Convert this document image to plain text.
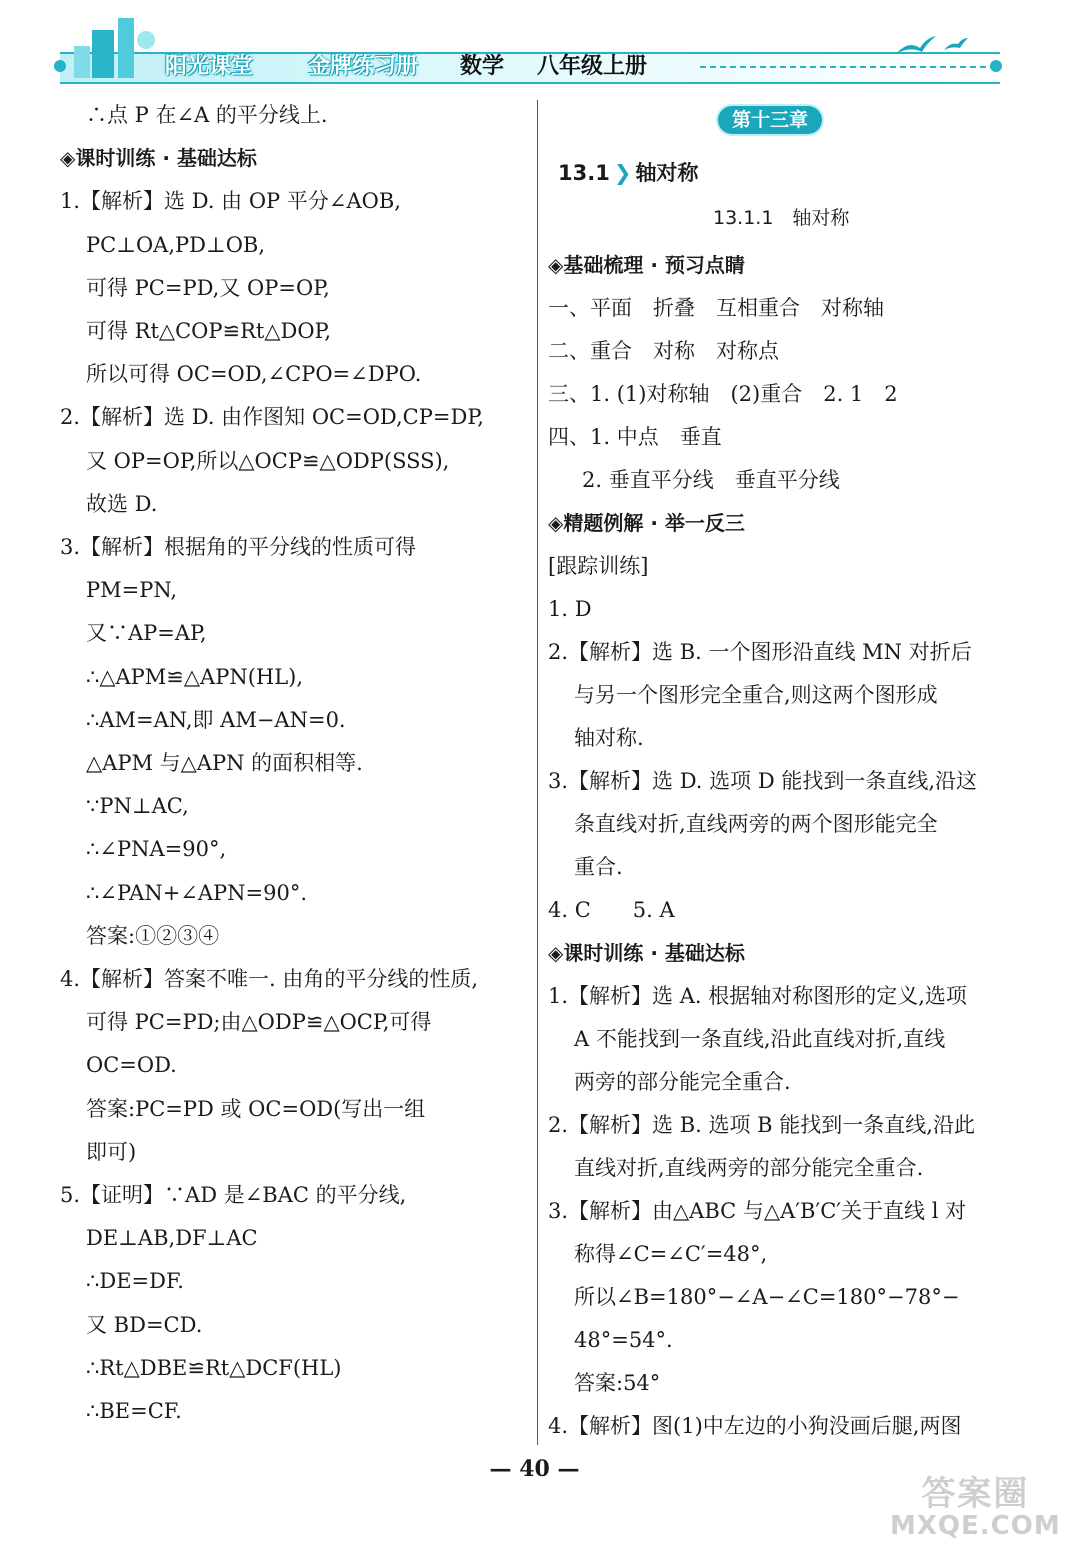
阳光课堂 金牌练习册 数学 八年级上册
∴点 P 在∠A 的平分线上.
◈课时训练 · 基础达标
1.【解析】选 D. 由 OP 平分∠AOB,
PC⊥OA,PD⊥OB,
可得 PC=PD,又 OP=OP,
可得 Rt△COP≌Rt△DOP,
所以可得 OC=OD,∠CPO=∠DPO.
2.【解析】选 D. 由作图知 OC=OD,CP=DP,
又 OP=OP,所以△OCP≌△ODP(SSS),
故选 D.
3.【解析】根据角的平分线的性质可得
PM=PN,
又∵AP=AP,
∴△APM≌△APN(HL),
∴AM=AN,即 AM−AN=0.
△APM 与△APN 的面积相等.
∵PN⊥AC,
∴∠PNA=90°,
∴∠PAN+∠APN=90°.
答案:①②③④
4.【解析】答案不唯一. 由角的平分线的性质,
可得 PC=PD;由△ODP≌△OCP,可得
OC=OD.
答案:PC=PD 或 OC=OD(写出一组
即可)
5.【证明】∵AD 是∠BAC 的平分线,
DE⊥AB,DF⊥AC
∴DE=DF.
又 BD=CD.
∴Rt△DBE≌Rt△DCF(HL)
∴BE=CF.
第十三章
13.1 ❯ 轴对称
13.1.1　轴对称
◈基础梳理 · 预习点睛
一、平面　折叠　互相重合　对称轴
二、重合　对称　对称点
三、1. (1)对称轴　(2)重合　2. 1　2
四、1. 中点　垂直
2. 垂直平分线　垂直平分线
◈精题例解 · 举一反三
[跟踪训练]
1. D
2.【解析】选 B. 一个图形沿直线 MN 对折后
与另一个图形完全重合,则这两个图形成
轴对称.
3.【解析】选 D. 选项 D 能找到一条直线,沿这
条直线对折,直线两旁的两个图形能完全
重合.
4. C　　5. A
◈课时训练 · 基础达标
1.【解析】选 A. 根据轴对称图形的定义,选项
A 不能找到一条直线,沿此直线对折,直线
两旁的部分能完全重合.
2.【解析】选 B. 选项 B 能找到一条直线,沿此
直线对折,直线两旁的部分能完全重合.
3.【解析】由△ABC 与△A′B′C′关于直线 l 对
称得∠C=∠C′=48°,
所以∠B=180°−∠A−∠C=180°−78°−
48°=54°.
答案:54°
4.【解析】图(1)中左边的小狗没画后腿,两图
— 40 —
答案圈
MXQE.COM
